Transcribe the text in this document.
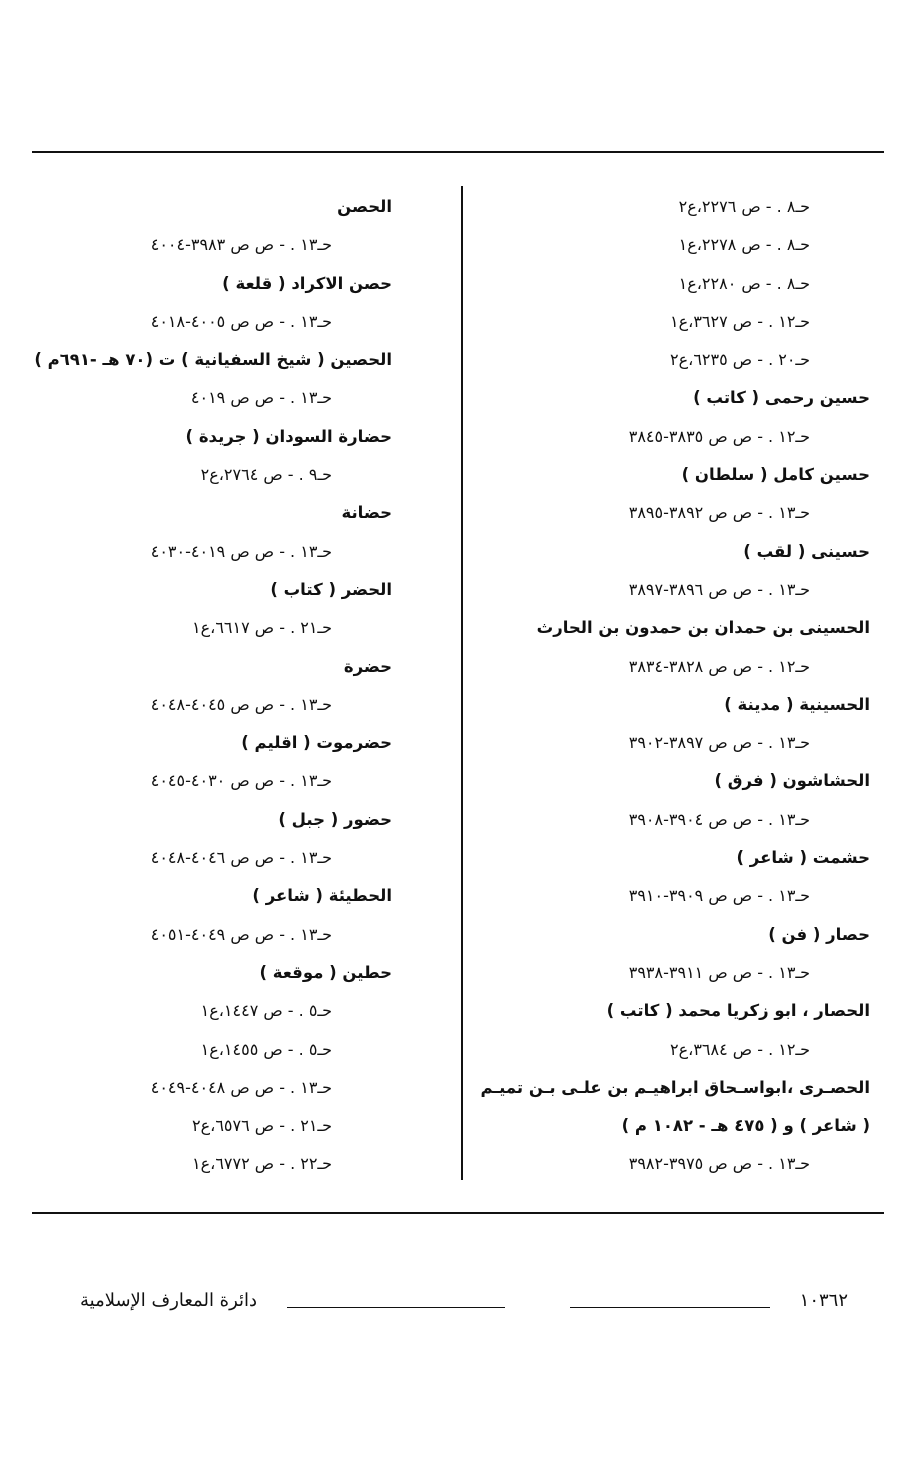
حـ٨ . - ص ٢٢٧٦،ع٢
حـ٨ . - ص ٢٢٧٨،ع١
حـ٨ . - ص ٢٢٨٠،ع١
حـ١٢ . - ص ٣٦٢٧،ع١
حـ٢٠ . - ص ٦٢٣٥،ع٢
حسين رحمى ( كاتب )
حـ١٢ . - ص ص ٣٨٣٥-٣٨٤٥
حسين كامل ( سلطان )
حـ١٣ . - ص ص ٣٨٩٢-٣٨٩٥
حسينى ( لقب )
حـ١٣ . - ص ص ٣٨٩٦-٣٨٩٧
الحسينى بن حمدان بن حمدون بن الحارث
حـ١٢ . - ص ص ٣٨٢٨-٣٨٣٤
الحسينية ( مدينة )
حـ١٣ . - ص ص ٣٨٩٧-٣٩٠٢
الحشاشون ( فرق )
حـ١٣ . - ص ص ٣٩٠٤-٣٩٠٨
حشمت ( شاعر )
حـ١٣ . - ص ص ٣٩٠٩-٣٩١٠
حصار ( فن )
حـ١٣ . - ص ص ٣٩١١-٣٩٣٨
الحصار ، ابو زكريا محمد ( كاتب )
حـ١٢ . - ص ٣٦٨٤،ع٢
الحصـرى ،ابواسـحاق ابراهيـم بن علـى بـن تميـم
( شاعر ) و ( ٤٧٥ هـ - ١٠٨٢ م )
حـ١٣ . - ص ص ٣٩٧٥-٣٩٨٢
الحصن
حـ١٣ . - ص ص ٣٩٨٣-٤٠٠٤
حصن الاكراد ( قلعة )
حـ١٣ . - ص ص ٤٠٠٥-٤٠١٨
الحصين ( شيخ السفيانية ) ت (٧٠ هـ -٦٩١م )
حـ١٣ . - ص ص ٤٠١٩
حضارة السودان ( جريدة )
حـ٩ . - ص ٢٧٦٤،ع٢
حضانة
حـ١٣ . - ص ص ٤٠١٩-٤٠٣٠
الحضر ( كتاب )
حـ٢١ . - ص ٦٦١٧،ع١
حضرة
حـ١٣ . - ص ص ٤٠٤٥-٤٠٤٨
حضرموت ( اقليم )
حـ١٣ . - ص ص ٤٠٣٠-٤٠٤٥
حضور ( جبل )
حـ١٣ . - ص ص ٤٠٤٦-٤٠٤٨
الحطيئة ( شاعر )
حـ١٣ . - ص ص ٤٠٤٩-٤٠٥١
حطين ( موقعة )
حـ٥ . - ص ١٤٤٧،ع١
حـ٥ . - ص ١٤٥٥،ع١
حـ١٣ . - ص ص ٤٠٤٨-٤٠٤٩
حـ٢١ . - ص ٦٥٧٦،ع٢
حـ٢٢ . - ص ٦٧٧٢،ع١
١٠٣٦٢
دائرة المعارف الإسلامية
